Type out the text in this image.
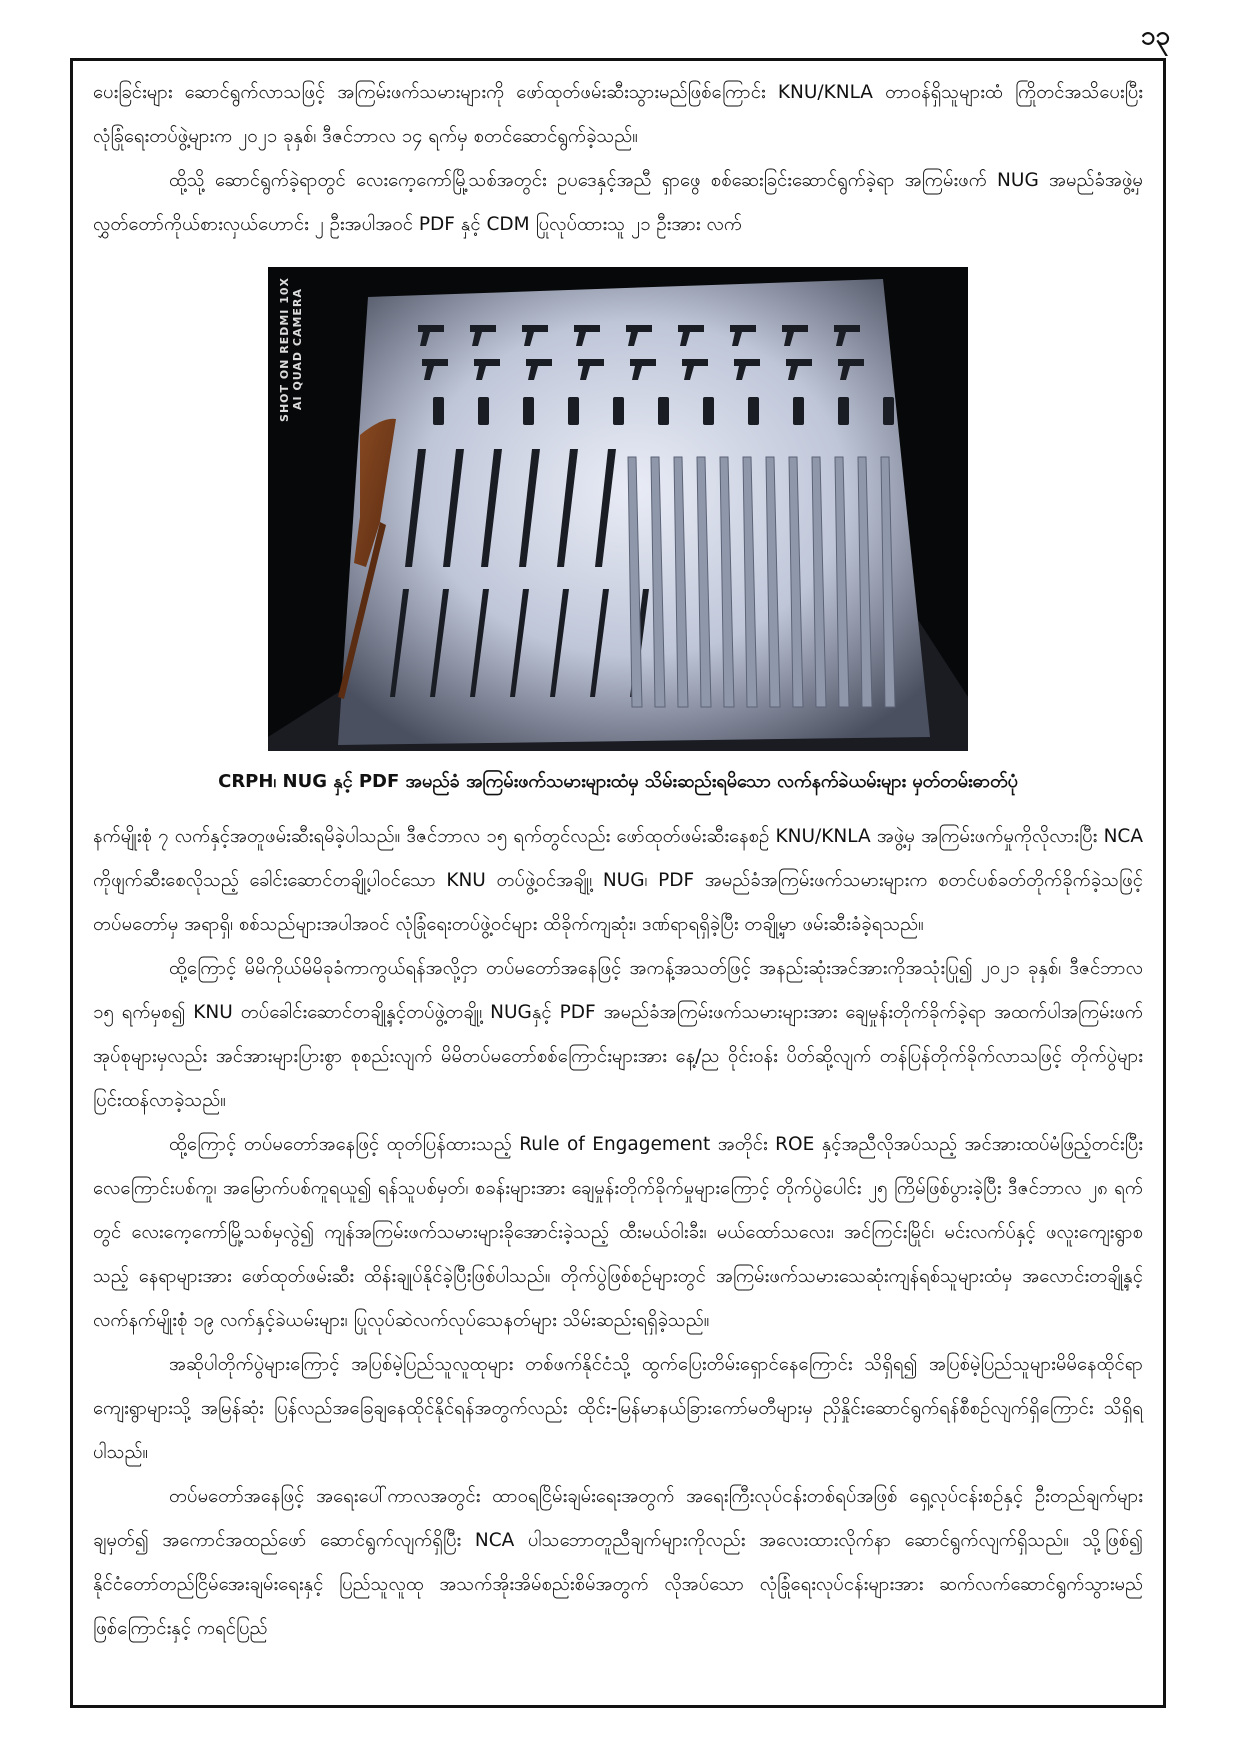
၁၃

ပေးခြင်းများ ဆောင်ရွက်လာသဖြင့် အကြမ်းဖက်သမားများကို ဖော်ထုတ်ဖမ်းဆီးသွားမည်ဖြစ်ကြောင်း KNU/KNLA တာဝန်ရှိသူများထံ ကြိုတင်အသိပေးပြီး လုံခြုံရေးတပ်ဖွဲ့များက ၂၀၂၁ ခုနှစ်၊ ဒီဇင်ဘာလ ၁၄ ရက်မှ စတင်ဆောင်ရွက်ခဲ့သည်။

ထို့သို့ ဆောင်ရွက်ခဲ့ရာတွင် လေးကေ့ကော်မြို့သစ်အတွင်း ဥပဒေနှင့်အညီ ရှာဖွေ စစ်ဆေးခြင်းဆောင်ရွက်ခဲ့ရာ အကြမ်းဖက် NUG အမည်ခံအဖွဲ့မှ လွှတ်တော်ကိုယ်စားလှယ်ဟောင်း ၂ ဦးအပါအဝင် PDF နှင့် CDM ပြုလုပ်ထားသူ ၂၁ ဦးအား လက်

SHOT ON REDMI 10X
AI QUAD CAMERA
CRPH၊ NUG နှင့် PDF အမည်ခံ အကြမ်းဖက်သမားများထံမှ သိမ်းဆည်းရမိသော လက်နက်ခဲယမ်းများ မှတ်တမ်းဓာတ်ပုံ

နက်မျိုးစုံ ၇ လက်နှင့်အတူဖမ်းဆီးရမိခဲ့ပါသည်။ ဒီဇင်ဘာလ ၁၅ ရက်တွင်လည်း ဖော်ထုတ်ဖမ်းဆီးနေစဉ် KNU/KNLA အဖွဲ့မှ အကြမ်းဖက်မှုကိုလိုလားပြီး NCA ကိုဖျက်ဆီးစေလိုသည့် ခေါင်းဆောင်တချို့ပါဝင်သော KNU တပ်ဖွဲ့ဝင်အချို့၊ NUG၊ PDF အမည်ခံအကြမ်းဖက်သမားများက စတင်ပစ်ခတ်တိုက်ခိုက်ခဲ့သဖြင့် တပ်မတော်မှ အရာရှိ၊ စစ်သည်များအပါအဝင် လုံခြုံရေးတပ်ဖွဲ့ဝင်များ ထိခိုက်ကျဆုံး၊ ဒဏ်ရာရရှိခဲ့ပြီး တချို့မှာ ဖမ်းဆီးခံခဲ့ရသည်။

ထို့ကြောင့် မိမိကိုယ်မိမိခုခံကာကွယ်ရန်အလို့ငှာ တပ်မတော်အနေဖြင့် အကန့်အသတ်ဖြင့် အနည်းဆုံးအင်အားကိုအသုံးပြု၍ ၂၀၂၁ ခုနှစ်၊ ဒီဇင်ဘာလ ၁၅ ရက်မှစ၍ KNU တပ်ခေါင်းဆောင်တချို့နှင့်တပ်ဖွဲ့တချို့၊ NUGနှင့် PDF အမည်ခံအကြမ်းဖက်သမားများအား ချေမှုန်းတိုက်ခိုက်ခဲ့ရာ အထက်ပါအကြမ်းဖက်အုပ်စုများမှလည်း အင်အားများပြားစွာ စုစည်းလျက် မိမိတပ်မတော်စစ်ကြောင်းများအား နေ့/ည ဝိုင်းဝန်း ပိတ်ဆို့လျက် တန်ပြန်တိုက်ခိုက်လာသဖြင့် တိုက်ပွဲများ ပြင်းထန်လာခဲ့သည်။

ထို့ကြောင့် တပ်မတော်အနေဖြင့် ထုတ်ပြန်ထားသည့် Rule of Engagement အတိုင်း ROE နှင့်အညီလိုအပ်သည့် အင်အားထပ်မံဖြည့်တင်းပြီး လေကြောင်းပစ်ကူ၊ အမြောက်ပစ်ကူရယူ၍ ရန်သူပစ်မှတ်၊ စခန်းများအား ချေမှုန်းတိုက်ခိုက်မှုများကြောင့် တိုက်ပွဲပေါင်း ၂၅ ကြိမ်ဖြစ်ပွားခဲ့ပြီး ဒီဇင်ဘာလ ၂၈ ရက်တွင် လေးကေ့ကော်မြို့သစ်မှလွဲ၍ ကျန်အကြမ်းဖက်သမားများခိုအောင်းခဲ့သည့် ထီးမယ်ဝါးခီး၊ မယ်ထော်သလေး၊ အင်ကြင်းမြိုင်၊ မင်းလက်ပ်နှင့် ဖလူးကျေးရွာစသည့် နေရာများအား ဖော်ထုတ်ဖမ်းဆီး ထိန်းချုပ်နိုင်ခဲ့ပြီးဖြစ်ပါသည်။ တိုက်ပွဲဖြစ်စဉ်များတွင် အကြမ်းဖက်သမားသေဆုံးကျန်ရစ်သူများထံမှ အလောင်းတချို့နှင့် လက်နက်မျိုးစုံ ၁၉ လက်နှင့်ခဲယမ်းများ၊ ပြုလုပ်ဆဲလက်လုပ်သေနတ်များ သိမ်းဆည်းရရှိခဲ့သည်။

အဆိုပါတိုက်ပွဲများကြောင့် အပြစ်မဲ့ပြည်သူလူထုများ တစ်ဖက်နိုင်ငံသို့ ထွက်ပြေးတိမ်းရှောင်နေကြောင်း သိရှိရ၍ အပြစ်မဲ့ပြည်သူများမိမိနေထိုင်ရာကျေးရွာများသို့ အမြန်ဆုံး ပြန်လည်အခြေချနေထိုင်နိုင်ရန်အတွက်လည်း ထိုင်း-မြန်မာနယ်ခြားကော်မတီများမှ ညှိနှိုင်းဆောင်ရွက်ရန်စီစဉ်လျက်ရှိကြောင်း သိရှိရပါသည်။

တပ်မတော်အနေဖြင့် အရေးပေါ်ကာလအတွင်း ထာဝရငြိမ်းချမ်းရေးအတွက် အရေးကြီးလုပ်ငန်းတစ်ရပ်အဖြစ် ရှေ့လုပ်ငန်းစဉ်နှင့် ဦးတည်ချက်များချမှတ်၍ အကောင်အထည်ဖော် ဆောင်ရွက်လျက်ရှိပြီး NCA ပါသဘောတူညီချက်များကိုလည်း အလေးထားလိုက်နာ ဆောင်ရွက်လျက်ရှိသည်။ သို့ဖြစ်၍ နိုင်ငံတော်တည်ငြိမ်အေးချမ်းရေးနှင့် ပြည်သူလူထု အသက်အိုးအိမ်စည်းစိမ်အတွက် လိုအပ်သော လုံခြုံရေးလုပ်ငန်းများအား ဆက်လက်ဆောင်ရွက်သွားမည်ဖြစ်ကြောင်းနှင့် ကရင်ပြည်
